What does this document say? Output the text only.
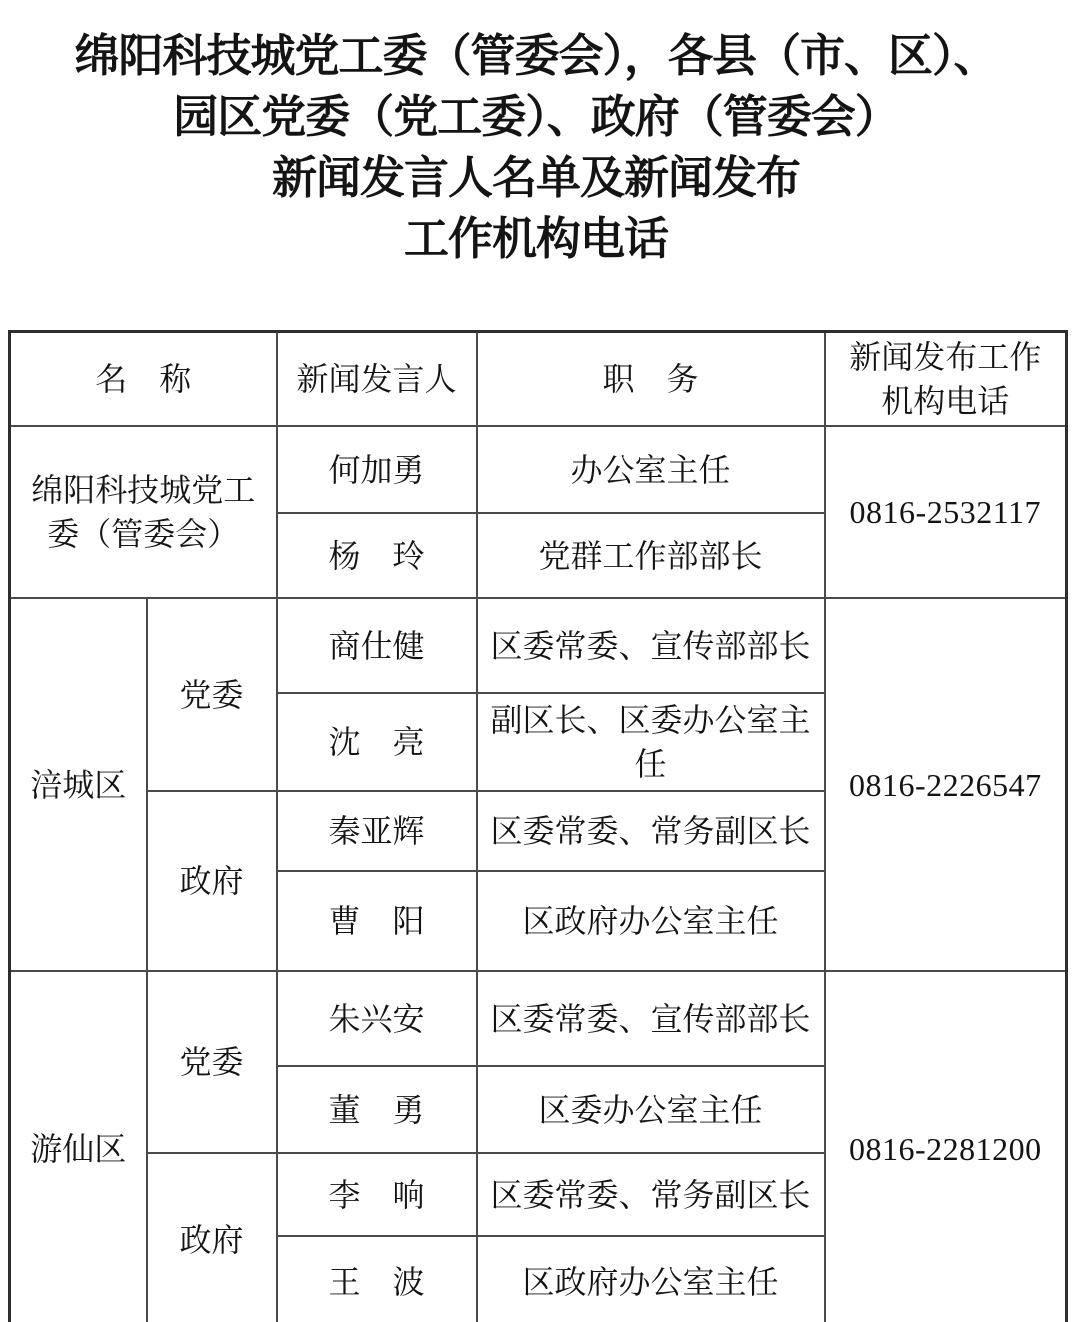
绵阳科技城党工委（管委会），各县（市、区）、
园区党委（党工委）、政府（管委会）
新闻发言人名单及新闻发布
工作机构电话
名　称		新闻发言人	职　务	新闻发布工作
机构电话

绵阳科技城党工委（管委会）		何加勇	办公室主任	0816-2532117
		杨　玲	党群工作部部长	
涪城区	党委	商仕健	区委常委、宣传部部长	0816-2226547
		沈　亮	副区长、区委办公室主任	
	政府	秦亚辉	区委常委、常务副区长	
		曹　阳	区政府办公室主任	
游仙区	党委	朱兴安	区委常委、宣传部部长	0816-2281200
		董　勇	区委办公室主任	
	政府	李　响	区委常委、常务副区长	
		王　波	区政府办公室主任	
